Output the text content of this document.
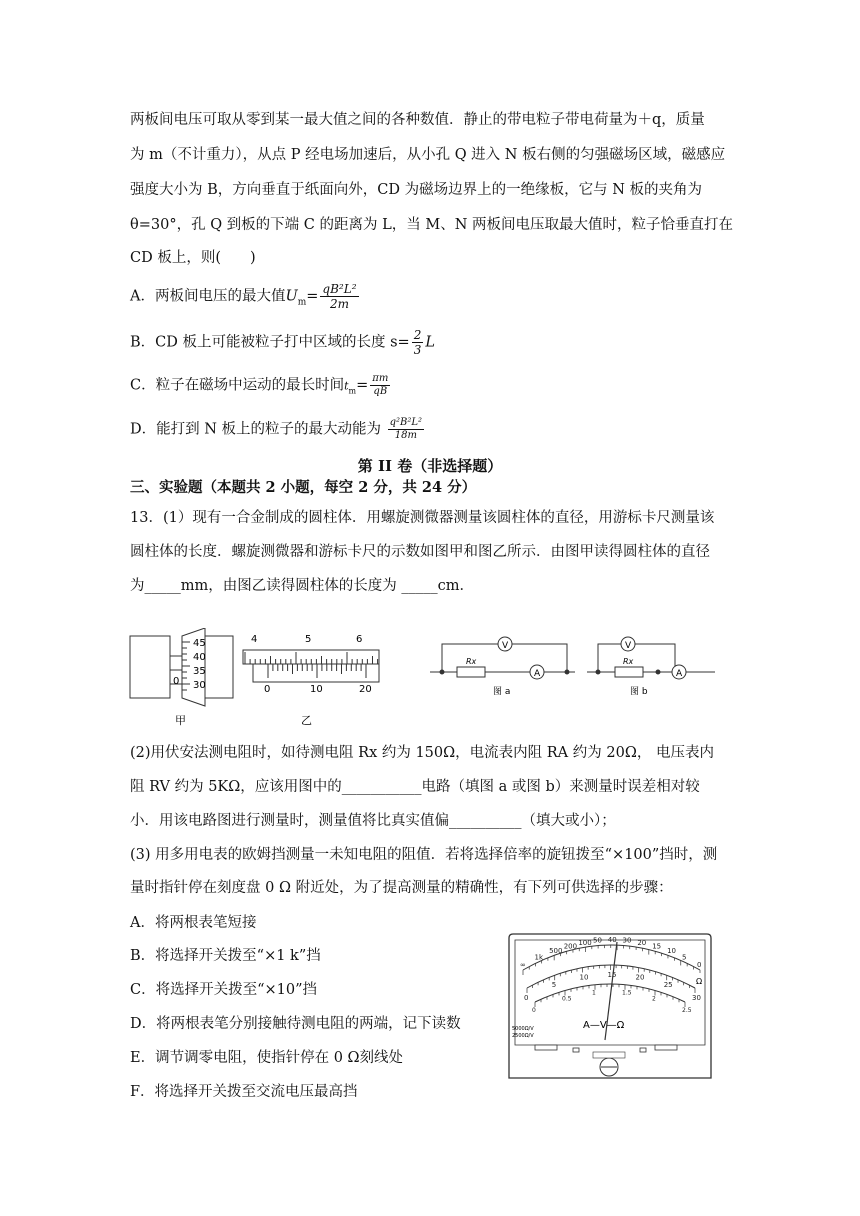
两板间电压可取从零到某一最大值之间的各种数值．静止的带电粒子带电荷量为＋q，质量
为 m（不计重力），从点 P 经电场加速后，从小孔 Q 进入 N 板右侧的匀强磁场区域，磁感应
强度大小为 B，方向垂直于纸面向外，CD 为磁场边界上的一绝缘板，它与 N 板的夹角为
θ=30°，孔 Q 到板的下端 C 的距离为 L，当 M、N 两板间电压取最大值时，粒子恰垂直打在
CD 板上，则(　　)
A．两板间电压的最大值$U_m= \frac{\text{qB²L²}}{2m}$
B．CD 板上可能被粒子打中区域的长度 $s= \frac{2}{3}$ L
C．粒子在磁场中运动的最长时间$t_m= \frac{\pi m}{qB}$
D．能打到 N 板上的粒子的最大动能为 $\frac{\text{q²B²L²}}{18m}$
第 II 卷（非选择题）
三、实验题（本题共 2 小题，每空 2 分，共 24 分）
13．(1）现有一合金制成的圆柱体．用螺旋测微器测量该圆柱体的直径，用游标卡尺测量该
圆柱体的长度．螺旋测微器和游标卡尺的示数如图甲和图乙所示．由图甲读得圆柱体的直径
为_____mm，由图乙读得圆柱体的长度为 _____cm．
45
40
35
30
0
甲
4	5	6
0	10	20
乙
V
A
Rx
图 a
V
A
Rx
图 b
(2)用伏安法测电阻时，如待测电阻 Rx 约为 150Ω，电流表内阻 RA 约为 20Ω， 电压表内
阻 RV 约为 5KΩ，应该用图中的___________电路（填图 a 或图 b）来测量时误差相对较
小．用该电路图进行测量时，测量值将比真实值偏__________（填大或小）；
(3) 用多用电表的欧姆挡测量一未知电阻的阻值．若将选择倍率的旋钮拨至“×100”挡时，测
量时指针停在刻度盘 0 Ω 附近处，为了提高测量的精确性，有下列可供选择的步骤：
A．将两根表笔短接
B．将选择开关拨至“×1 k”挡
C．将选择开关拨至“×10”挡
D．将两根表笔分别接触待测电阻的两端，记下读数
E．调节调零电阻，使指针停在 0 Ω刻线处
F．将选择开关拨至交流电压最高挡
∞
1k
500
200 100 50 40 30 20 15
10
5
0
Ω
0
5
10	15	20
25
30
0
0.5
1	1.5
2
2.5
A—V—Ω
5000Ω/V
2500Ω/V
